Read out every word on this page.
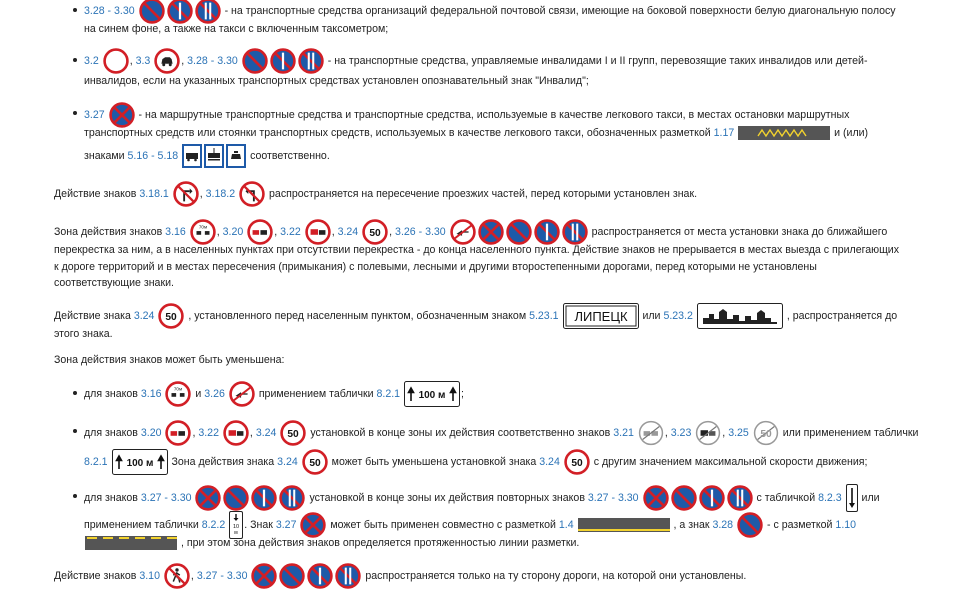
3.28 - 3.30	- на транспортные средства организаций федеральной почтовой связи, имеющие на боковой поверхности белую диагональную полосу
на синем фоне, а также на такси с включенным таксометром;
3.2	, 3.3	, 3.28 - 3.30	- на транспортные средства, управляемые инвалидами I и II групп, перевозящие таких инвалидов или детей-
инвалидов, если на указанных транспортных средствах установлен опознавательный знак "Инвалид";
3.27	- на маршрутные транспортные средства и транспортные средства, используемые в качестве легкового такси, в местах остановки маршрутных
транспортных средств или стоянки транспортных средств, используемых в качестве легкового такси, обозначенных разметкой 1.17	и (или)
знаками 5.16 - 5.18	соответственно.
Действие знаков 3.18.1	, 3.18.2	распространяется на пересечение проезжих частей, перед которыми установлен знак.
Зона действия знаков 3.16	, 3.20	, 3.22	, 3.24 50 , 3.26 - 3.30	распространяется от места установки знака до ближайшего
перекрестка за ним, а в населенных пунктах при отсутствии перекрестка - до конца населенного пункта. Действие знаков не прерывается в местах выезда с прилегающих
к дороге территорий и в местах пересечения (примыкания) с полевыми, лесными и другими второстепенными дорогами, перед которыми не установлены
соответствующие знаки.
Действие знака 3.24 50 , установленного перед населенным пунктом, обозначенным знаком 5.23.1 ЛИПЕЦК или 5.23.2	, распространяется до
этого знака.
Зона действия знаков может быть уменьшена:
для знаков 3.16	и 3.26	применением таблички 8.2.1 100 м ;
для знаков 3.20	, 3.22	, 3.24 50 установкой в конце зоны их действия соответственно знаков 3.21	, 3.23	, 3.25 50 или применением таблички
8.2.1 100 м Зона действия знака 3.24 50 может быть уменьшена установкой знака 3.24 50 с другим значением максимальной скорости движения;
для знаков 3.27 - 3.30	установкой в конце зоны их действия повторных знаков 3.27 - 3.30	с табличкой 8.2.3 или
применением таблички 8.2.2 10
м
. Знак 3.27	может быть применен совместно с разметкой 1.4	, а знак 3.28	- с разметкой 1.10
, при этом зона действия знаков определяется протяженностью линии разметки.
Действие знаков 3.10	, 3.27 - 3.30	распространяется только на ту сторону дороги, на которой они установлены.
